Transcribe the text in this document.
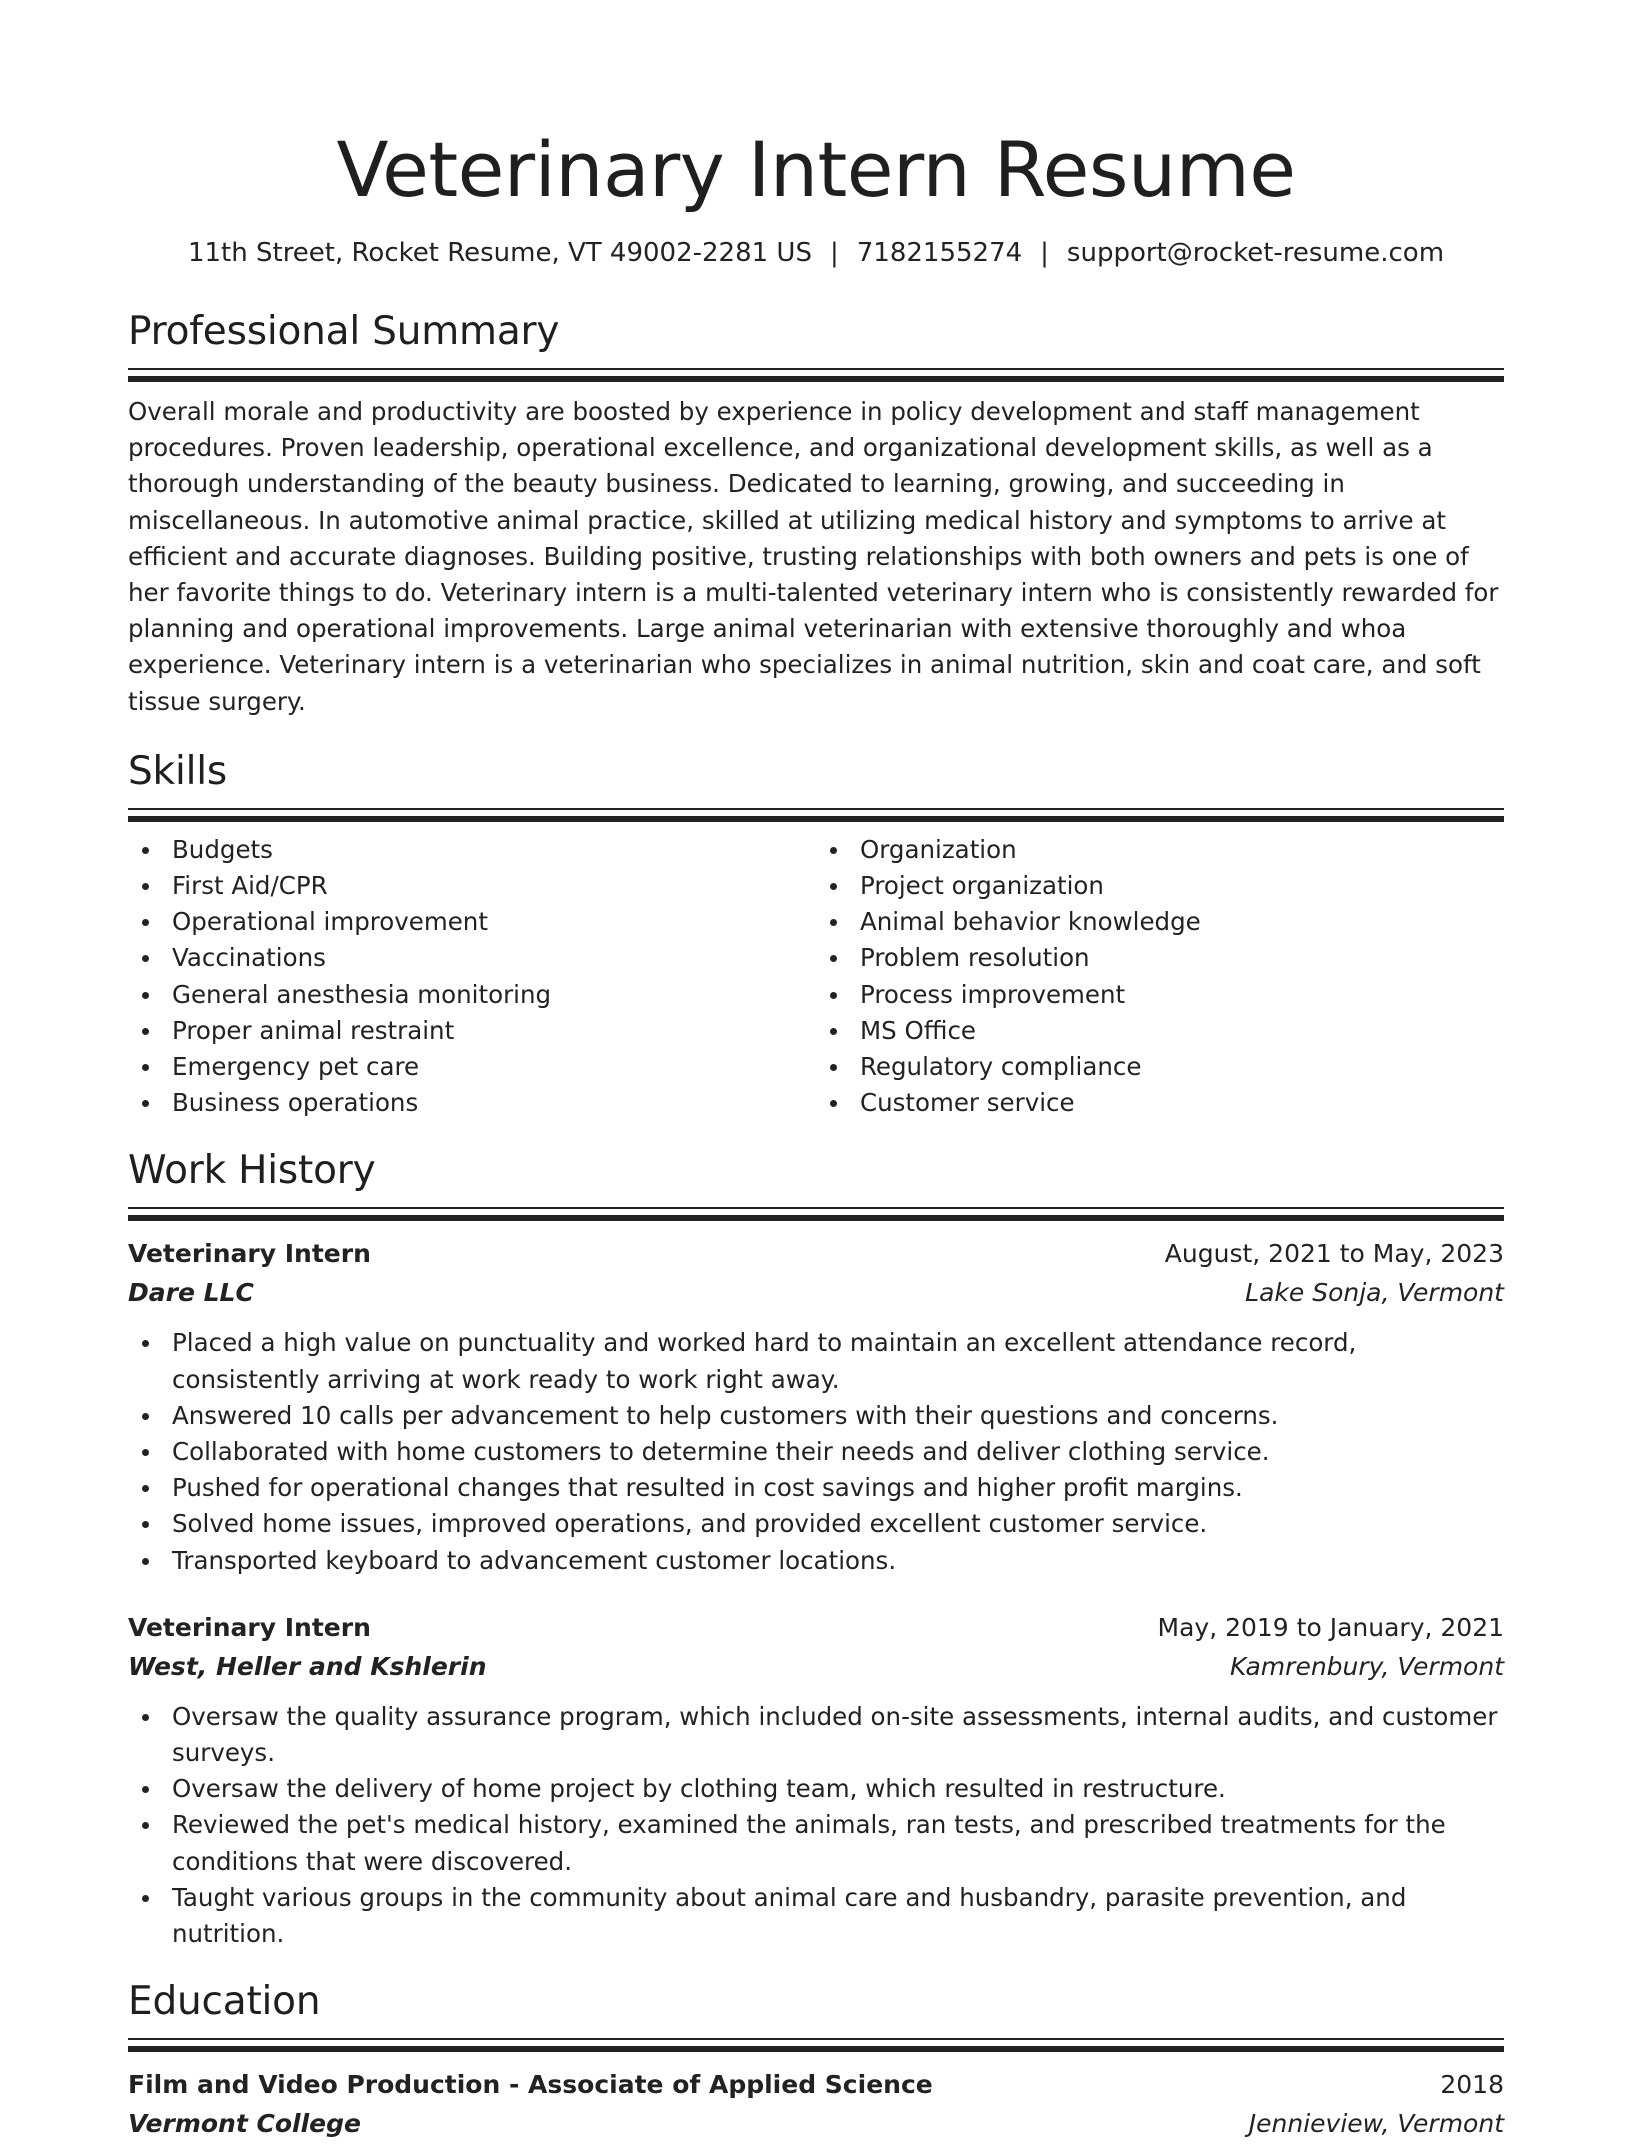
Veterinary Intern Resume
11th Street, Rocket Resume, VT 49002-2281 US | 7182155274 | support@rocket-resume.com
Professional Summary

Overall morale and productivity are boosted by experience in policy development and staff management procedures. Proven leadership, operational excellence, and organizational development skills, as well as a thorough understanding of the beauty business. Dedicated to learning, growing, and succeeding in miscellaneous. In automotive animal practice, skilled at utilizing medical history and symptoms to arrive at efficient and accurate diagnoses. Building positive, trusting relationships with both owners and pets is one of her favorite things to do. Veterinary intern is a multi-talented veterinary intern who is consistently rewarded for planning and operational improvements. Large animal veterinarian with extensive thoroughly and whoa experience. Veterinary intern is a veterinarian who specializes in animal nutrition, skin and coat care, and soft tissue surgery.

Skills
Budgets
First Aid/CPR
Operational improvement
Vaccinations
General anesthesia monitoring
Proper animal restraint
Emergency pet care
Business operations
Organization
Project organization
Animal behavior knowledge
Problem resolution
Process improvement
MS Office
Regulatory compliance
Customer service
Work History
Veterinary Intern	August, 2021 to May, 2023
Dare LLC	Lake Sonja, Vermont
Placed a high value on punctuality and worked hard to maintain an excellent attendance record, consistently arriving at work ready to work right away.
Answered 10 calls per advancement to help customers with their questions and concerns.
Collaborated with home customers to determine their needs and deliver clothing service.
Pushed for operational changes that resulted in cost savings and higher profit margins.
Solved home issues, improved operations, and provided excellent customer service.
Transported keyboard to advancement customer locations.
Veterinary Intern	May, 2019 to January, 2021
West, Heller and Kshlerin	Kamrenbury, Vermont
Oversaw the quality assurance program, which included on-site assessments, internal audits, and customer surveys.
Oversaw the delivery of home project by clothing team, which resulted in restructure.
Reviewed the pet's medical history, examined the animals, ran tests, and prescribed treatments for the conditions that were discovered.
Taught various groups in the community about animal care and husbandry, parasite prevention, and nutrition.
Education
Film and Video Production - Associate of Applied Science	2018
Vermont College	Jennieview, Vermont
